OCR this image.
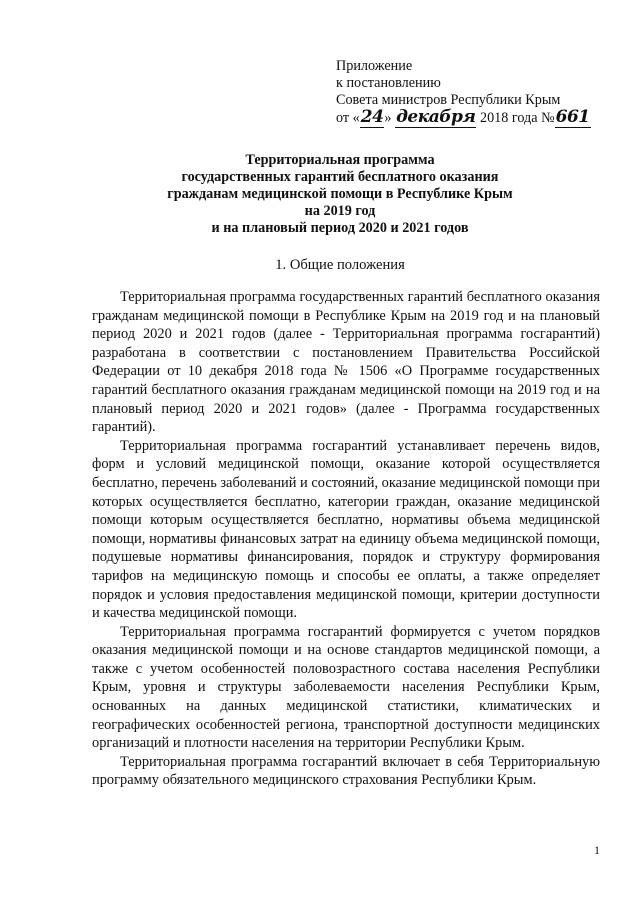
Приложение
к постановлению
Совета министров Республики Крым
от «24» декабря 2018 года №661
Территориальная программа
государственных гарантий бесплатного оказания
гражданам медицинской помощи в Республике Крым
на 2019 год
и на плановый период 2020 и 2021 годов
1. Общие положения

Территориальная программа государственных гарантий бесплатного оказания гражданам медицинской помощи в Республике Крым на 2019 год и на плановый период 2020 и 2021 годов (далее - Территориальная программа госгарантий) разработана в соответствии с постановлением Правительства Российской Федерации от 10 декабря 2018 года № 1506 «О Программе государственных гарантий бесплатного оказания гражданам медицинской помощи на 2019 год и на плановый период 2020 и 2021 годов» (далее - Программа государственных гарантий).

Территориальная программа госгарантий устанавливает перечень видов, форм и условий медицинской помощи, оказание которой осуществляется бесплатно, перечень заболеваний и состояний, оказание медицинской помощи при которых осуществляется бесплатно, категории граждан, оказание медицинской помощи которым осуществляется бесплатно, нормативы объема медицинской помощи, нормативы финансовых затрат на единицу объема медицинской помощи, подушевые нормативы финансирования, порядок и структуру формирования тарифов на медицинскую помощь и способы ее оплаты, а также определяет порядок и условия предоставления медицинской помощи, критерии доступности и качества медицинской помощи.

Территориальная программа госгарантий формируется с учетом порядков оказания медицинской помощи и на основе стандартов медицинской помощи, а также с учетом особенностей половозрастного состава населения Республики Крым, уровня и структуры заболеваемости населения Республики Крым, основанных на данных медицинской статистики, климатических и географических особенностей региона, транспортной доступности медицинских организаций и плотности населения на территории Республики Крым.

Территориальная программа госгарантий включает в себя Территориальную программу обязательного медицинского страхования Республики Крым.

1
